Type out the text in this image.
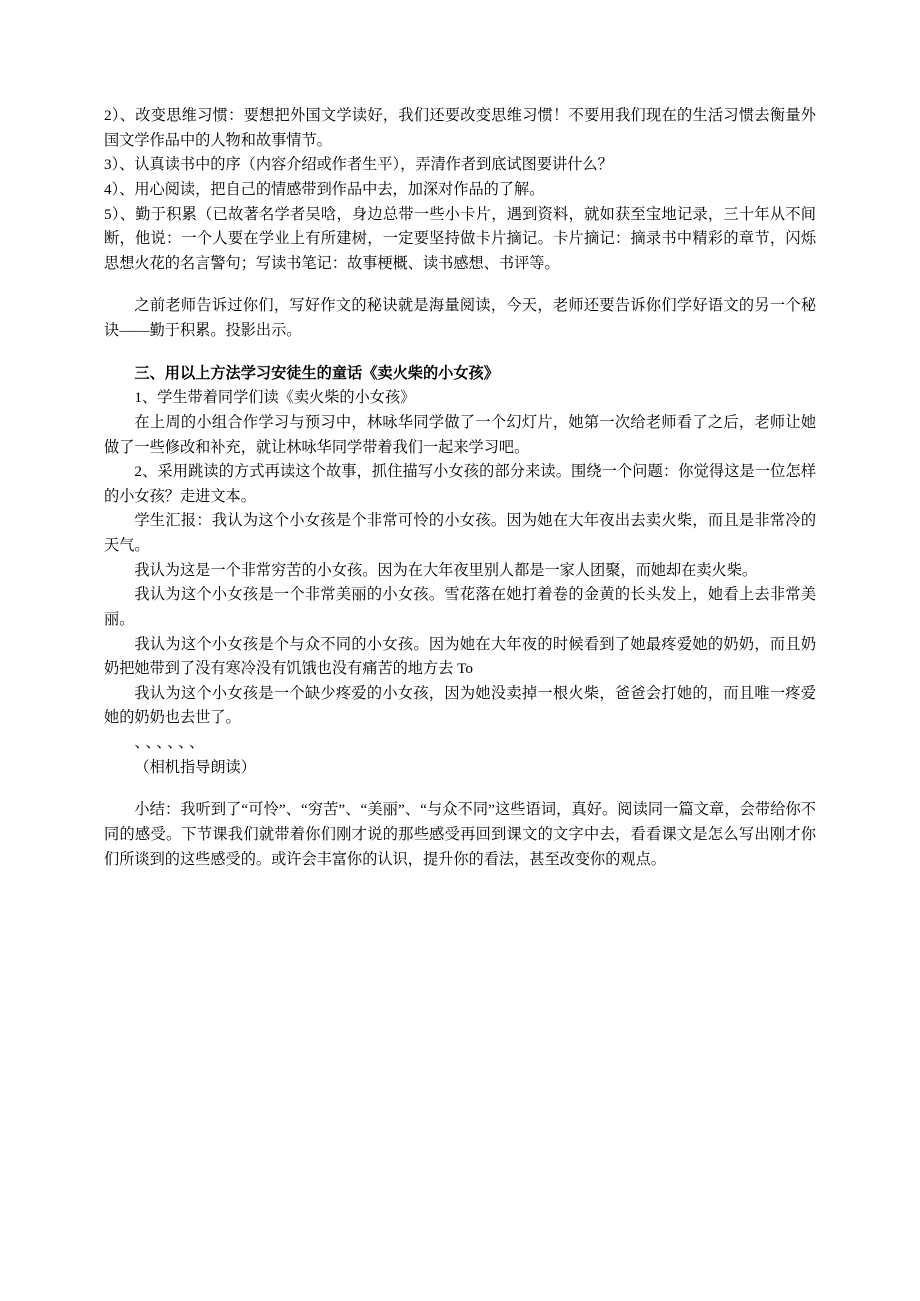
2）、改变思维习惯：要想把外国文学读好，我们还要改变思维习惯！不要用我们现在的生活习惯去衡量外国文学作品中的人物和故事情节。

3）、认真读书中的序（内容介绍或作者生平），弄清作者到底试图要讲什么？

4）、用心阅读，把自己的情感带到作品中去，加深对作品的了解。

5）、勤于积累（已故著名学者吴唅，身边总带一些小卡片，遇到资料，就如获至宝地记录，三十年从不间断，他说：一个人要在学业上有所建树，一定要坚持做卡片摘记。卡片摘记：摘录书中精彩的章节，闪烁思想火花的名言警句；写读书笔记：故事梗概、读书感想、书评等。

之前老师告诉过你们，写好作文的秘诀就是海量阅读，今天，老师还要告诉你们学好语文的另一个秘诀——勤于积累。投影出示。

三、用以上方法学习安徒生的童话《卖火柴的小女孩》

1、学生带着同学们读《卖火柴的小女孩》

在上周的小组合作学习与预习中，林咏华同学做了一个幻灯片，她第一次给老师看了之后，老师让她做了一些修改和补充，就让林咏华同学带着我们一起来学习吧。

2、采用跳读的方式再读这个故事，抓住描写小女孩的部分来读。围绕一个问题：你觉得这是一位怎样的小女孩？走进文本。

学生汇报：我认为这个小女孩是个非常可怜的小女孩。因为她在大年夜出去卖火柴，而且是非常冷的天气。

我认为这是一个非常穷苦的小女孩。因为在大年夜里别人都是一家人团聚，而她却在卖火柴。

我认为这个小女孩是一个非常美丽的小女孩。雪花落在她打着卷的金黄的长头发上，她看上去非常美丽。

我认为这个小女孩是个与众不同的小女孩。因为她在大年夜的时候看到了她最疼爱她的奶奶，而且奶奶把她带到了没有寒冷没有饥饿也没有痛苦的地方去 To

我认为这个小女孩是一个缺少疼爱的小女孩，因为她没卖掉一根火柴，爸爸会打她的，而且唯一疼爱她的奶奶也去世了。

、、、、、、

（相机指导朗读）

小结：我听到了“可怜”、“穷苦”、“美丽”、“与众不同”这些语词，真好。阅读同一篇文章，会带给你不同的感受。下节课我们就带着你们刚才说的那些感受再回到课文的文字中去，看看课文是怎么写出刚才你们所谈到的这些感受的。或许会丰富你的认识，提升你的看法，甚至改变你的观点。
